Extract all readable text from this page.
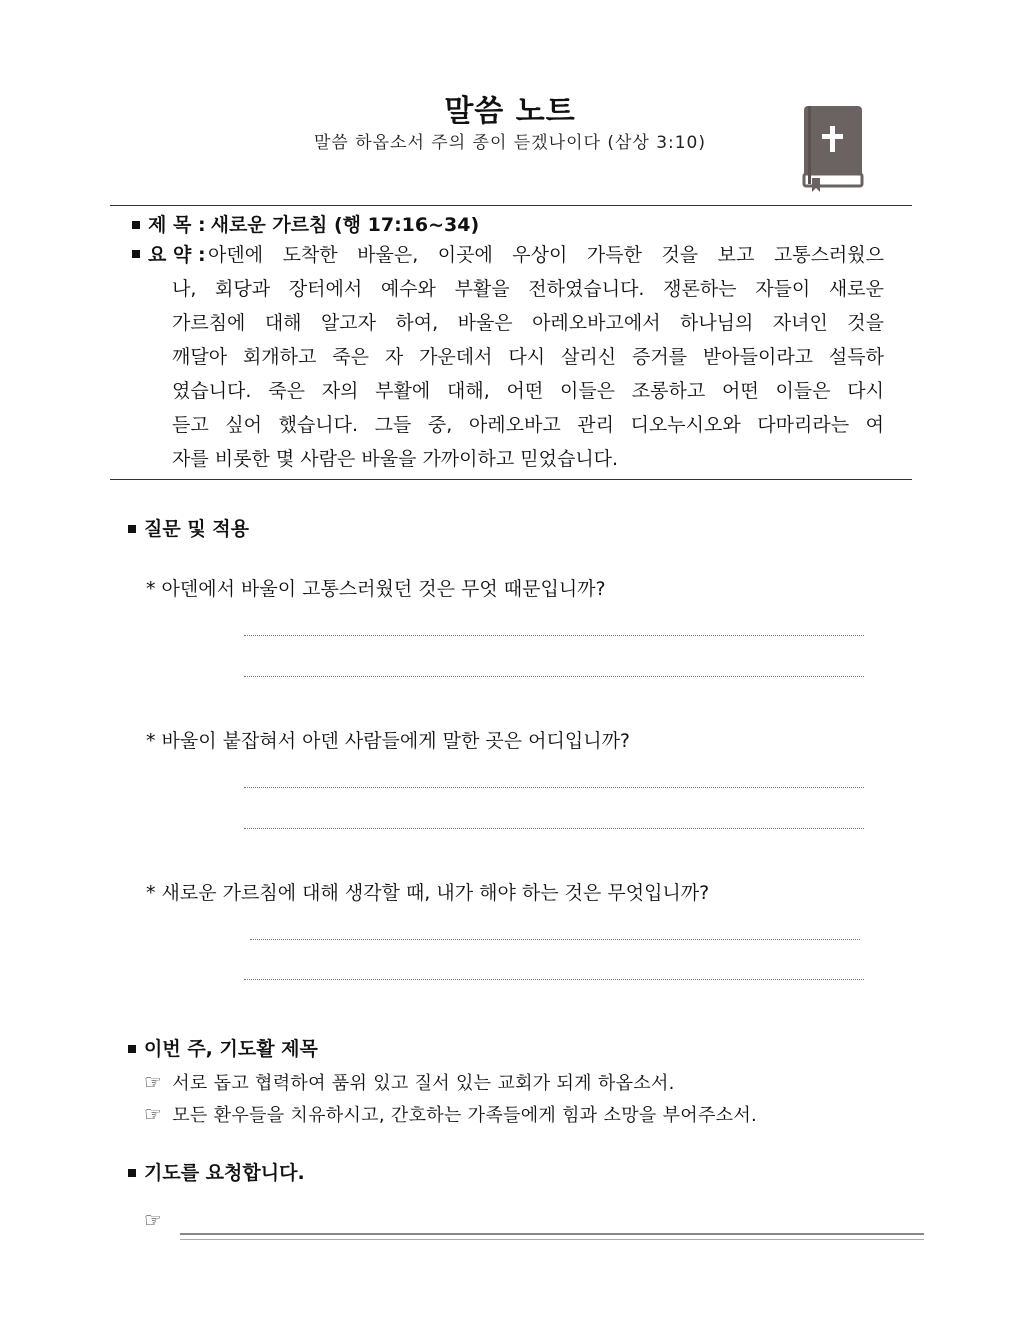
말씀 노트
말씀 하옵소서 주의 종이 듣겠나이다 (삼상 3:10)
제 목 : 새로운 가르침 (행 17:16~34)
요 약 : 아덴에 도착한 바울은, 이곳에 우상이 가득한 것을 보고 고통스러웠으
나, 회당과 장터에서 예수와 부활을 전하였습니다. 쟁론하는 자들이 새로운
가르침에 대해 알고자 하여, 바울은 아레오바고에서 하나님의 자녀인 것을
깨달아 회개하고 죽은 자 가운데서 다시 살리신 증거를 받아들이라고 설득하
였습니다. 죽은 자의 부활에 대해, 어떤 이들은 조롱하고 어떤 이들은 다시
듣고 싶어 했습니다. 그들 중, 아레오바고 관리 디오누시오와 다마리라는 여
자를 비롯한 몇 사람은 바울을 가까이하고 믿었습니다.
질문 및 적용
* 아덴에서 바울이 고통스러웠던 것은 무엇 때문입니까?
* 바울이 붙잡혀서 아덴 사람들에게 말한 곳은 어디입니까?
* 새로운 가르침에 대해 생각할 때, 내가 해야 하는 것은 무엇입니까?
이번 주, 기도활 제목
☞ 서로 돕고 협력하여 품위 있고 질서 있는 교회가 되게 하옵소서.
☞ 모든 환우들을 치유하시고, 간호하는 가족들에게 힘과 소망을 부어주소서.
기도를 요청합니다.
☞
